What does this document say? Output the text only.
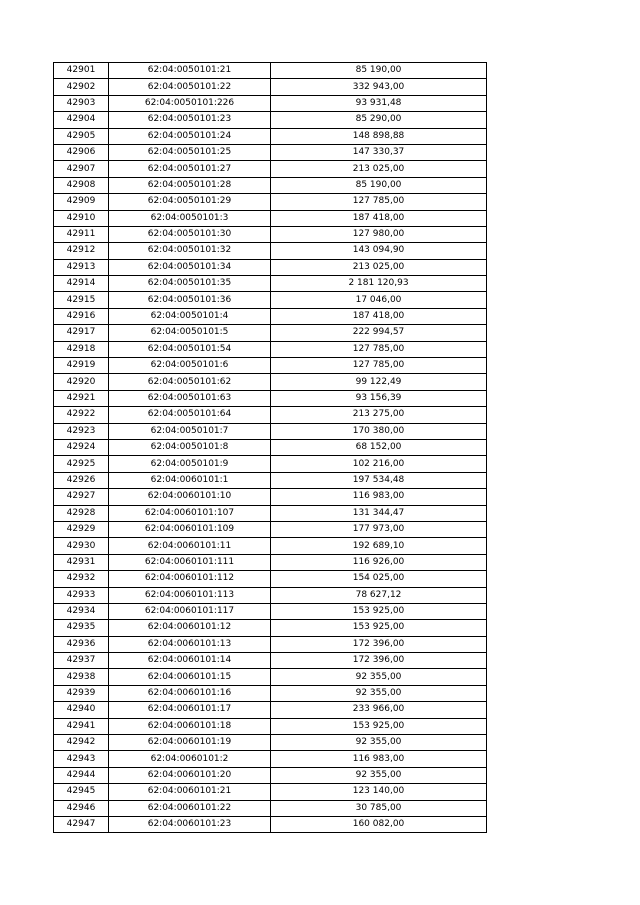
42901	62:04:0050101:21	85 190,00
42902	62:04:0050101:22	332 943,00
42903	62:04:0050101:226	93 931,48
42904	62:04:0050101:23	85 290,00
42905	62:04:0050101:24	148 898,88
42906	62:04:0050101:25	147 330,37
42907	62:04:0050101:27	213 025,00
42908	62:04:0050101:28	85 190,00
42909	62:04:0050101:29	127 785,00
42910	62:04:0050101:3	187 418,00
42911	62:04:0050101:30	127 980,00
42912	62:04:0050101:32	143 094,90
42913	62:04:0050101:34	213 025,00
42914	62:04:0050101:35	2 181 120,93
42915	62:04:0050101:36	17 046,00
42916	62:04:0050101:4	187 418,00
42917	62:04:0050101:5	222 994,57
42918	62:04:0050101:54	127 785,00
42919	62:04:0050101:6	127 785,00
42920	62:04:0050101:62	99 122,49
42921	62:04:0050101:63	93 156,39
42922	62:04:0050101:64	213 275,00
42923	62:04:0050101:7	170 380,00
42924	62:04:0050101:8	68 152,00
42925	62:04:0050101:9	102 216,00
42926	62:04:0060101:1	197 534,48
42927	62:04:0060101:10	116 983,00
42928	62:04:0060101:107	131 344,47
42929	62:04:0060101:109	177 973,00
42930	62:04:0060101:11	192 689,10
42931	62:04:0060101:111	116 926,00
42932	62:04:0060101:112	154 025,00
42933	62:04:0060101:113	78 627,12
42934	62:04:0060101:117	153 925,00
42935	62:04:0060101:12	153 925,00
42936	62:04:0060101:13	172 396,00
42937	62:04:0060101:14	172 396,00
42938	62:04:0060101:15	92 355,00
42939	62:04:0060101:16	92 355,00
42940	62:04:0060101:17	233 966,00
42941	62:04:0060101:18	153 925,00
42942	62:04:0060101:19	92 355,00
42943	62:04:0060101:2	116 983,00
42944	62:04:0060101:20	92 355,00
42945	62:04:0060101:21	123 140,00
42946	62:04:0060101:22	30 785,00
42947	62:04:0060101:23	160 082,00
